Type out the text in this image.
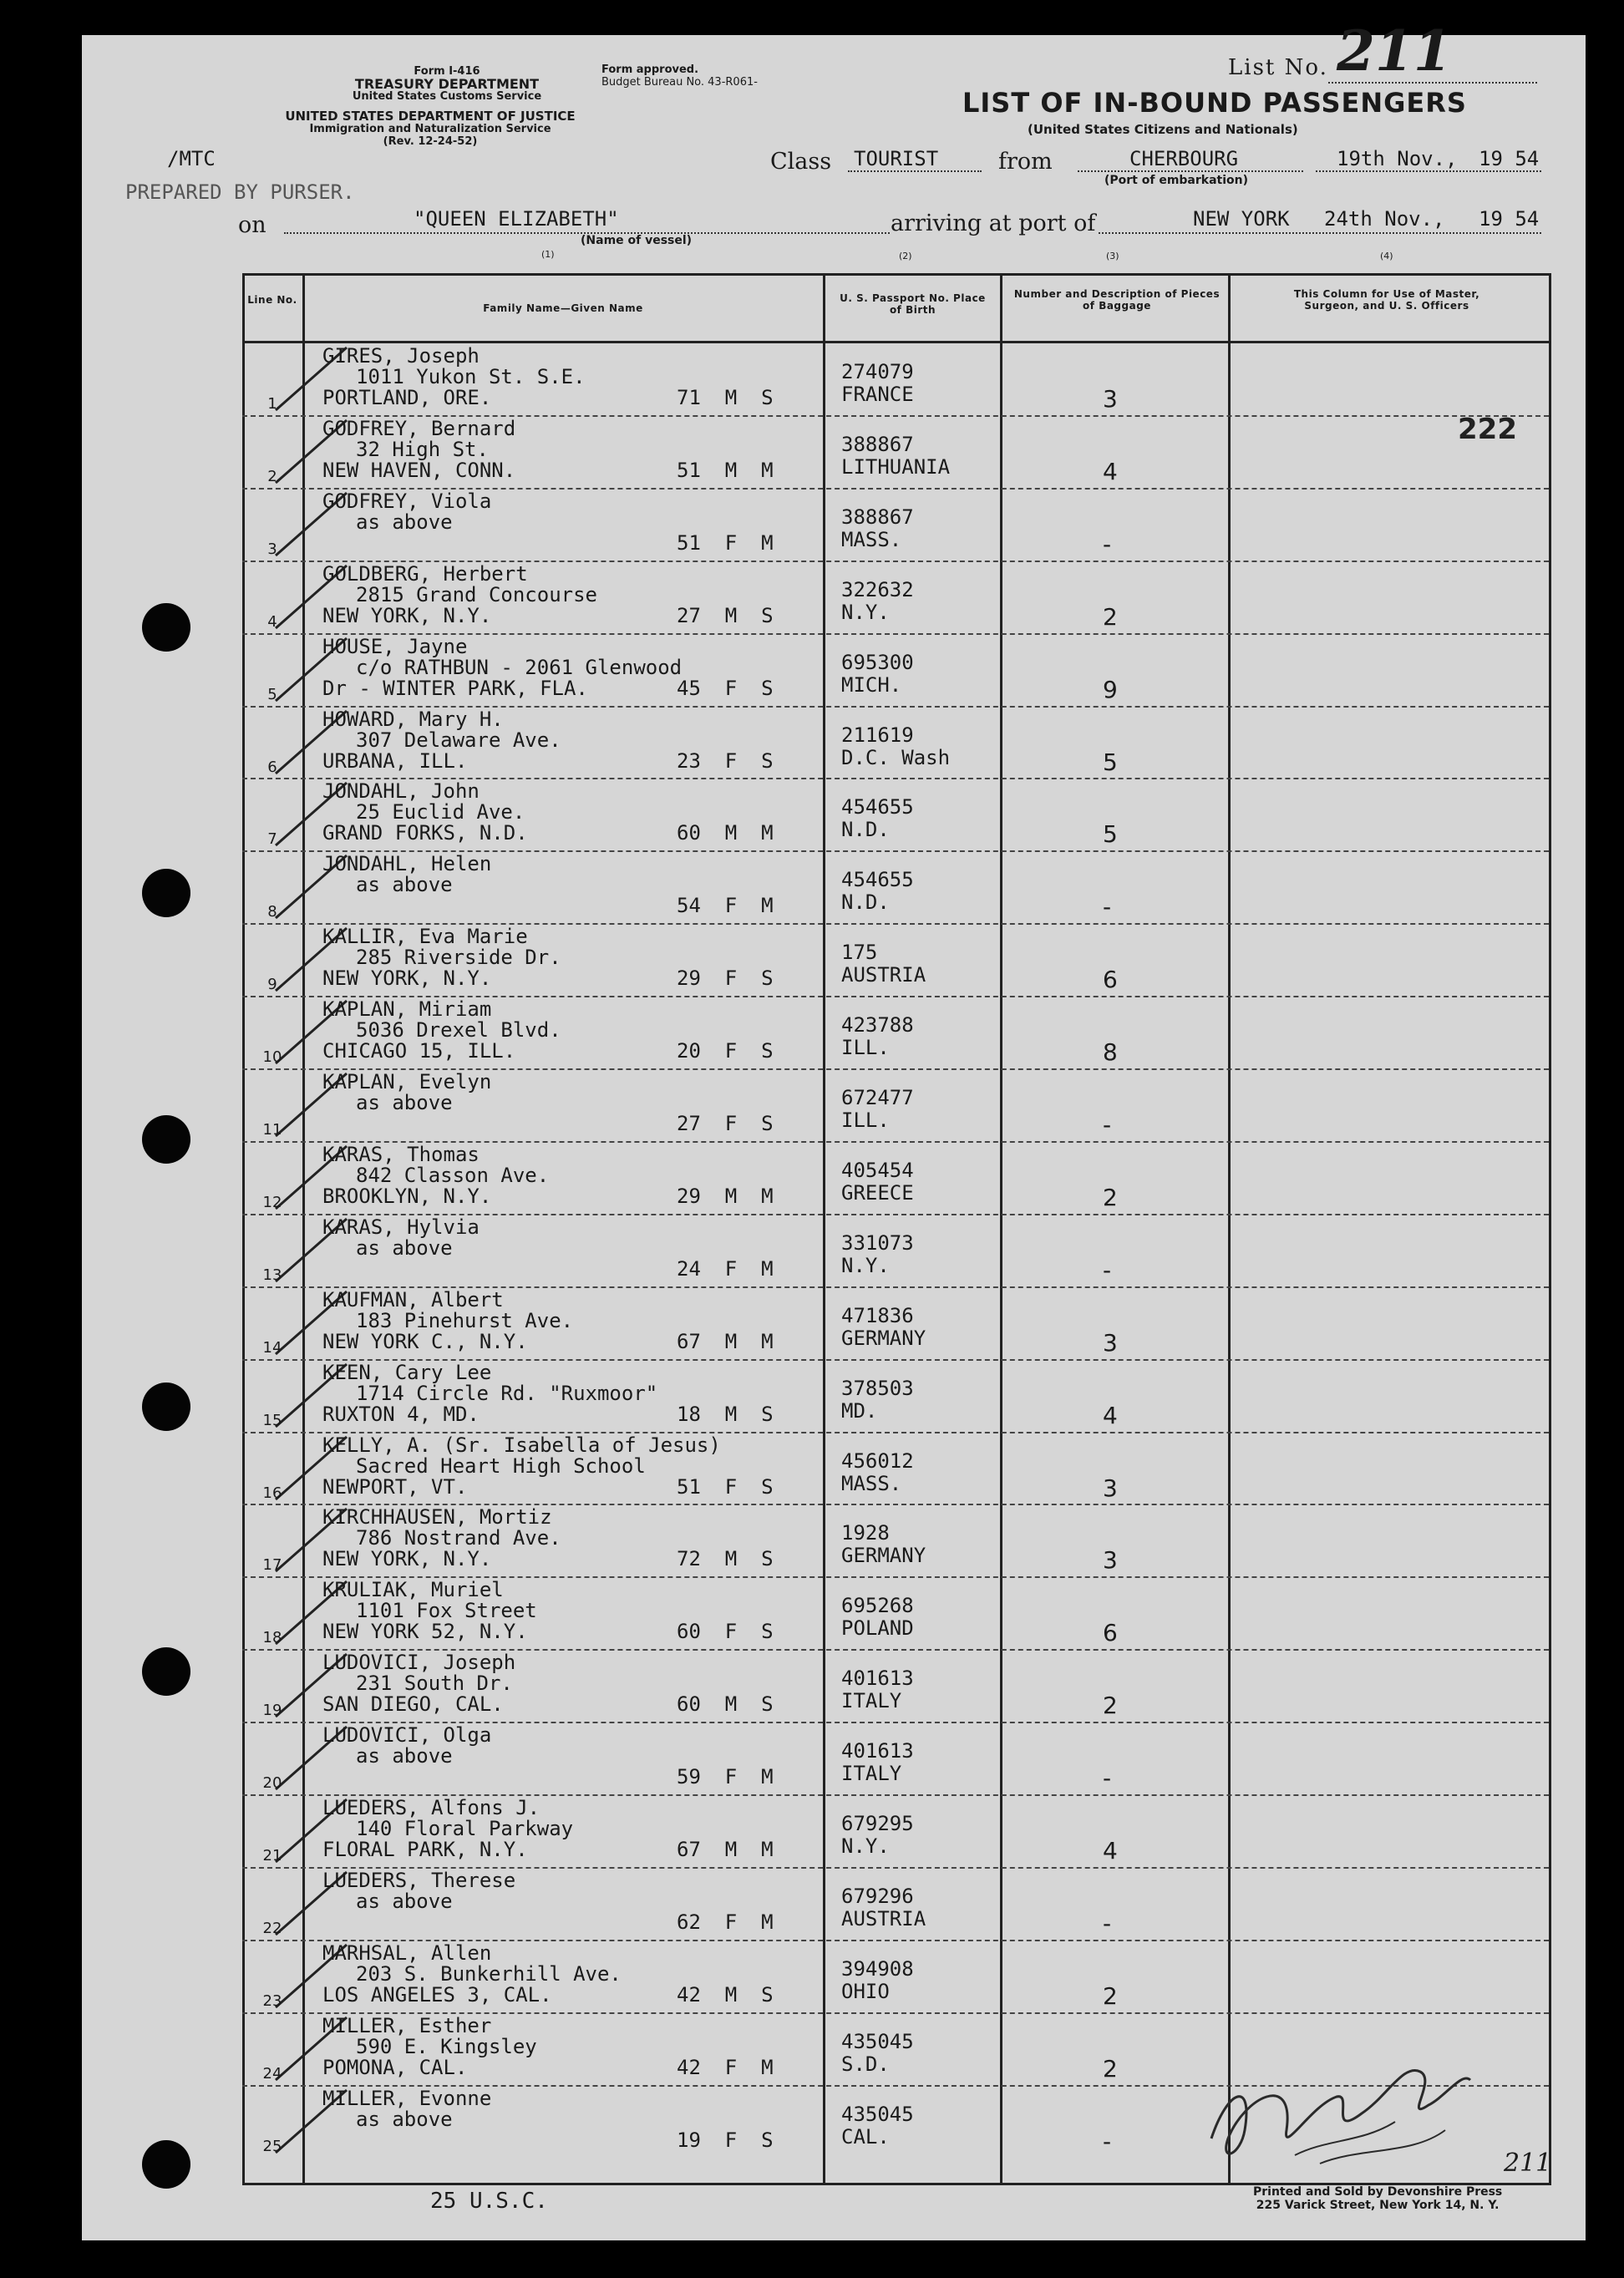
Form I-416
TREASURY DEPARTMENT
United States Customs Service
Form approved.
Budget Bureau No. 43-R061-
UNITED STATES DEPARTMENT OF JUSTICE
Immigration and Naturalization Service
(Rev. 12-24-52)
List No. 211
LIST OF IN-BOUND PASSENGERS
(United States Citizens and Nationals)
/MTC
PREPARED BY PURSER.
Class TOURIST	from	CHERBOURG
(Port of embarkation)
19th Nov., 19 54
on	"QUEEN ELIZABETH"
(Name of vessel)
(1)
arriving at port of	NEW YORK 24th Nov., 19 54
(2)	(3)	(4)
Line No.
Family Name—Given Name
U. S. Passport No. Place of Birth
Number and Description of Pieces of Baggage
This Column for Use of Master, Surgeon, and U. S. Officers
222
1
GIRES, Joseph
1011 Yukon St. S.E.
PORTLAND, ORE.	71  M  S
274079
FRANCE	3
2
GODFREY, Bernard
32 High St.
NEW HAVEN, CONN.	51  M  M
388867
LITHUANIA	4
3
GODFREY, Viola
as above
51  F  M
388867
MASS.	-
4
GOLDBERG, Herbert
2815 Grand Concourse
NEW YORK, N.Y.	27  M  S
322632
N.Y.	2
5
HOUSE, Jayne
c/o RATHBUN - 2061 Glenwood
Dr - WINTER PARK, FLA.	45  F  S
695300
MICH.	9
6
HOWARD, Mary H.
307 Delaware Ave.
URBANA, ILL.	23  F  S
211619
D.C. Wash	5
7
JONDAHL, John
25 Euclid Ave.
GRAND FORKS, N.D.	60  M  M
454655
N.D.	5
8
JONDAHL, Helen
as above
54  F  M
454655
N.D.	-
9
KALLIR, Eva Marie
285 Riverside Dr.
NEW YORK, N.Y.	29  F  S
175
AUSTRIA	6
10
KAPLAN, Miriam
5036 Drexel Blvd.
CHICAGO 15, ILL.	20  F  S
423788
ILL.	8
11
KAPLAN, Evelyn
as above
27  F  S
672477
ILL.	-
12
KARAS, Thomas
842 Classon Ave.
BROOKLYN, N.Y.	29  M  M
405454
GREECE	2
13
KARAS, Hylvia
as above
24  F  M
331073
N.Y.	-
14
KAUFMAN, Albert
183 Pinehurst Ave.
NEW YORK C., N.Y.	67  M  M
471836
GERMANY	3
15
KEEN, Cary Lee
1714 Circle Rd. "Ruxmoor"
RUXTON 4, MD.	18  M  S
378503
MD.	4
16
KELLY, A. (Sr. Isabella of Jesus)
Sacred Heart High School
NEWPORT, VT.	51  F  S
456012
MASS.	3
17
KIRCHHAUSEN, Mortiz
786 Nostrand Ave.
NEW YORK, N.Y.	72  M  S
1928
GERMANY	3
18
KRULIAK, Muriel
1101 Fox Street
NEW YORK 52, N.Y.	60  F  S
695268
POLAND	6
19
LUDOVICI, Joseph
231 South Dr.
SAN DIEGO, CAL.	60  M  S
401613
ITALY	2
20
LUDOVICI, Olga
as above
59  F  M
401613
ITALY	-
21
LUEDERS, Alfons J.
140 Floral Parkway
FLORAL PARK, N.Y.	67  M  M
679295
N.Y.	4
22
LUEDERS, Therese
as above
62  F  M
679296
AUSTRIA	-
23
MARHSAL, Allen
203 S. Bunkerhill Ave.
LOS ANGELES 3, CAL.	42  M  S
394908
OHIO	2
24
MILLER, Esther
590 E. Kingsley
POMONA, CAL.	42  F  M
435045
S.D.	2
25
MILLER, Evonne
as above
19  F  S
435045
CAL.	-
25 U.S.C.	Printed and Sold by Devonshire Press
225 Varick Street, New York 14, N. Y.
211
